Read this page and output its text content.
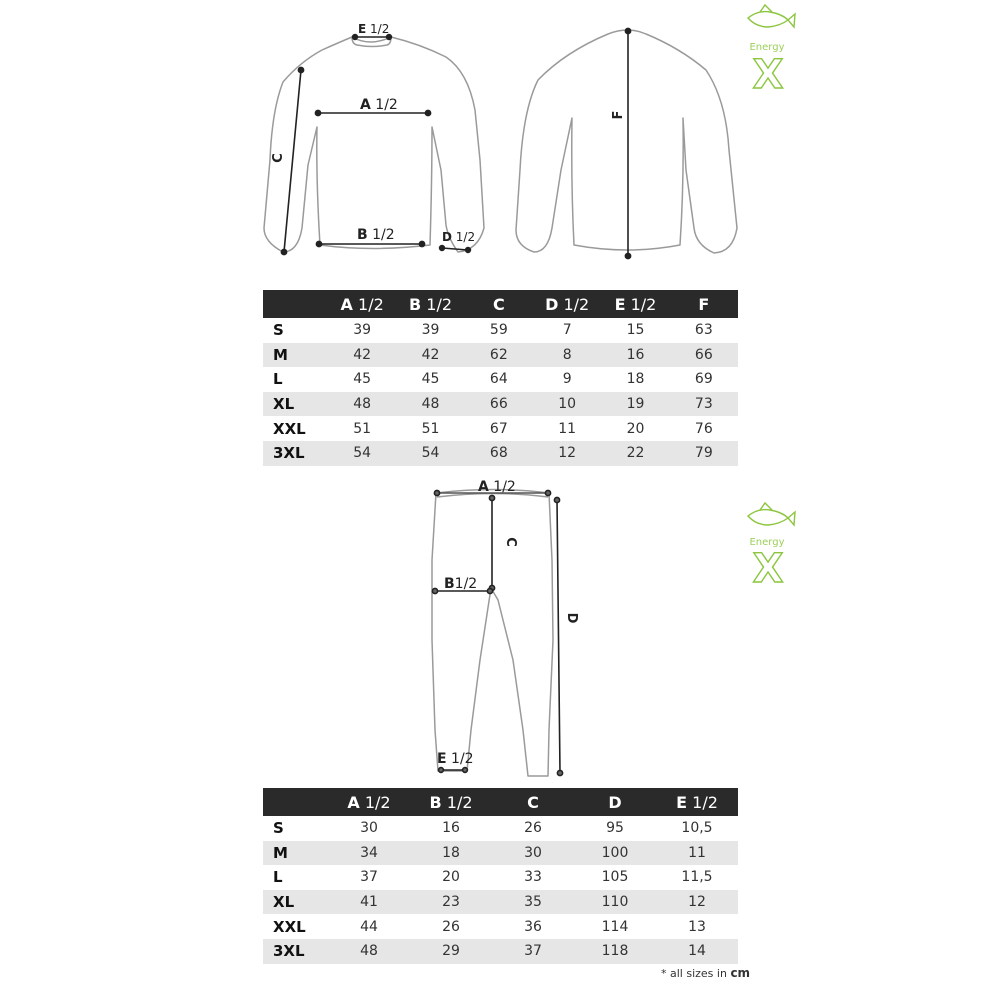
E 1/2
A 1/2
B 1/2	D 1/2
C
F
Energy
X
	A 1/2	B 1/2	C	D 1/2	E 1/2	F
S	39	39	59	7	15	63
M	42	42	62	8	16	66
L	45	45	64	9	18	69
XL	48	48	66	10	19	73
XXL	51	51	67	11	20	76
3XL	54	54	68	12	22	79
A 1/2
B1/2
E 1/2
C
D
Energy
X
	A 1/2	B 1/2	C	D	E 1/2
S	30	16	26	95	10,5
M	34	18	30	100	11
L	37	20	33	105	11,5
XL	41	23	35	110	12
XXL	44	26	36	114	13
3XL	48	29	37	118	14
* all sizes in cm
